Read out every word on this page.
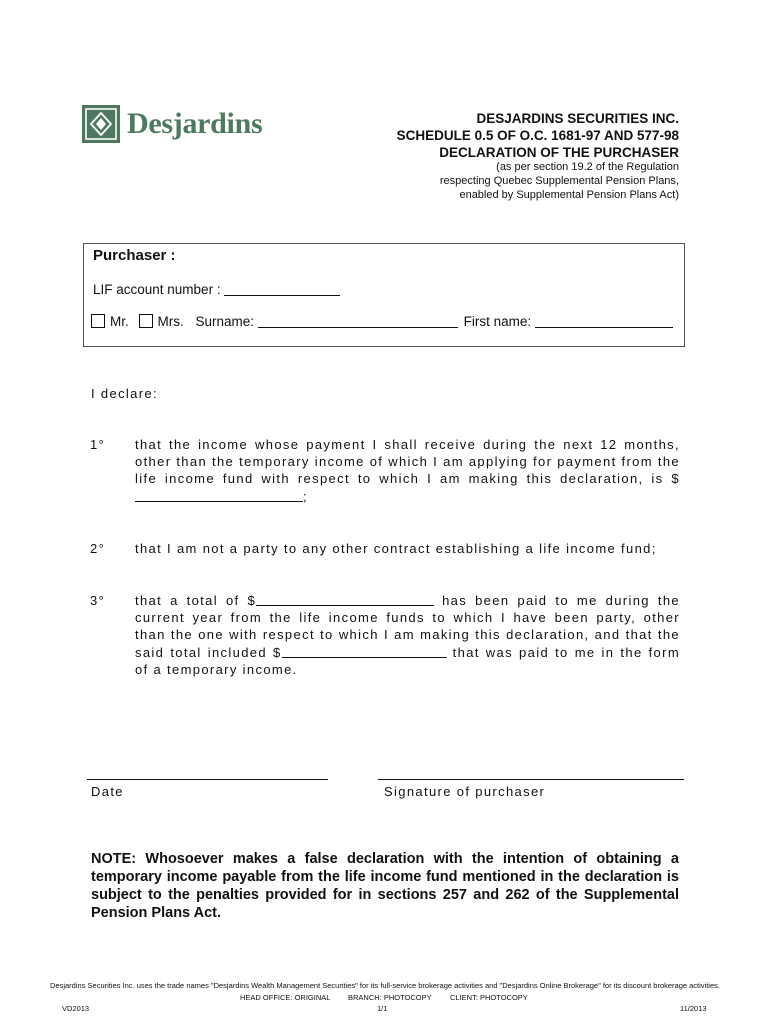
Desjardins	DESJARDINS SECURITIES INC.
SCHEDULE 0.5 OF O.C. 1681-97 AND 577-98
DECLARATION OF THE PURCHASER
(as per section 19.2 of the Regulation
respecting Quebec Supplemental Pension Plans,
enabled by Supplemental Pension Plans Act)
Purchaser :
LIF account number :
Mr. Mrs. Surname:	First name:
I declare:
1° that the income whose payment I shall receive during the next 12 months, other than the temporary income of which I am applying for payment from the life income fund with respect to which I am making this declaration, is $;
2° that I am not a party to any other contract establishing a life income fund;
3° that a total of $	has been paid to me during the current year from the life income funds to which I have been party, other than the one with respect to which I am making this declaration, and that the said total included $	that was paid to me in the form of a temporary income.
Date	Signature of purchaser
NOTE: Whosoever makes a false declaration with the intention of obtaining a temporary income payable from the life income fund mentioned in the declaration is subject to the penalties provided for in sections 257 and 262 of the Supplemental Pension Plans Act.
Desjardins Securities Inc. uses the trade names "Desjardins Wealth Management Securities" for its full-service brokerage activities and "Desjardins Online Brokerage" for its discount brokerage activities.
HEAD OFFICE: ORIGINAL BRANCH: PHOTOCOPY CLIENT: PHOTOCOPY
VD2013	1/1	11/2013
